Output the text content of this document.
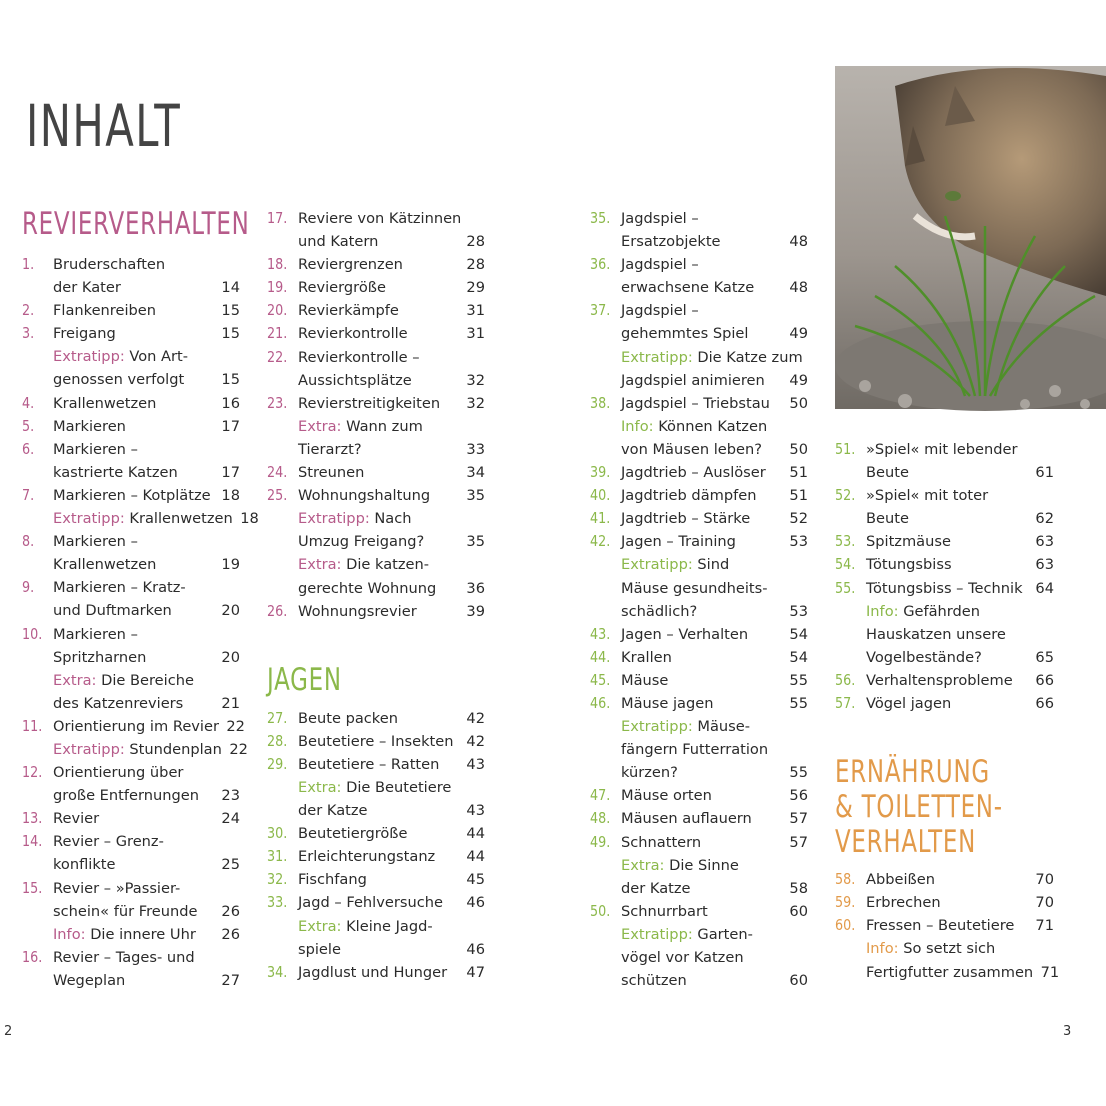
INHALT
REVIERVERHALTEN
1.	Bruderschaften
der Kater	14
2.	Flankenreiben	15
3.	Freigang	15
Extratipp: Von Art-
genossen verfolgt	15
4.	Krallenwetzen	16
5.	Markieren	17
6.	Markieren –
kastrierte Katzen	17
7.	Markieren – Kotplätze 18
Extratipp: Krallenwetzen 18
8.	Markieren –
Krallenwetzen	19
9.	Markieren – Kratz-
und Duftmarken	20
10. Markieren –
Spritzharnen	20
Extra: Die Bereiche
des Katzenreviers	21
11. Orientierung im Revier 22
Extratipp: Stundenplan 22
12. Orientierung über
große Entfernungen	23
13. Revier	24
14. Revier – Grenz-
konflikte	25
15. Revier – »Passier-
schein« für Freunde	26
Info: Die innere Uhr	26
16. Revier – Tages- und
Wegeplan	27
17. Reviere von Kätzinnen
und Katern	28
18. Reviergrenzen	28
19. Reviergröße	29
20. Revierkämpfe	31
21. Revierkontrolle	31
22. Revierkontrolle –
Aussichtsplätze	32
23. Revierstreitigkeiten	32
Extra: Wann zum
Tierarzt?	33
24. Streunen	34
25. Wohnungshaltung	35
Extratipp: Nach
Umzug Freigang?	35
Extra: Die katzen-
gerechte Wohnung	36
26. Wohnungsrevier	39
JAGEN
27. Beute packen	42
28. Beutetiere – Insekten 42
29. Beutetiere – Ratten	43
Extra: Die Beutetiere
der Katze	43
30. Beutetiergröße	44
31. Erleichterungstanz	44
32. Fischfang	45
33. Jagd – Fehlversuche	46
Extra: Kleine Jagd-
spiele	46
34. Jagdlust und Hunger	47
35. Jagdspiel –
Ersatzobjekte	48
36. Jagdspiel –
erwachsene Katze	48
37. Jagdspiel –
gehemmtes Spiel	49
Extratipp: Die Katze zum
Jagdspiel animieren	49
38. Jagdspiel – Triebstau	50
Info: Können Katzen
von Mäusen leben?	50
39. Jagdtrieb – Auslöser	51
40. Jagdtrieb dämpfen	51
41. Jagdtrieb – Stärke	52
42. Jagen – Training	53
Extratipp: Sind
Mäuse gesundheits-
schädlich?	53
43. Jagen – Verhalten	54
44. Krallen	54
45. Mäuse	55
46. Mäuse jagen	55
Extratipp: Mäuse-
fängern Futterration
kürzen?	55
47. Mäuse orten	56
48. Mäusen auflauern	57
49. Schnattern	57
Extra: Die Sinne
der Katze	58
50. Schnurrbart	60
Extratipp: Garten-
vögel vor Katzen
schützen	60
51. »Spiel« mit lebender
Beute	61
52. »Spiel« mit toter
Beute	62
53. Spitzmäuse	63
54. Tötungsbiss	63
55. Tötungsbiss – Technik 64
Info: Gefährden
Hauskatzen unsere
Vogelbestände?	65
56. Verhaltensprobleme	66
57. Vögel jagen	66
ERNÄHRUNG
& TOILETTEN-
VERHALTEN
58. Abbeißen	70
59. Erbrechen	70
60. Fressen – Beutetiere	71
Info: So setzt sich
Fertigfutter zusammen 71
2	3
